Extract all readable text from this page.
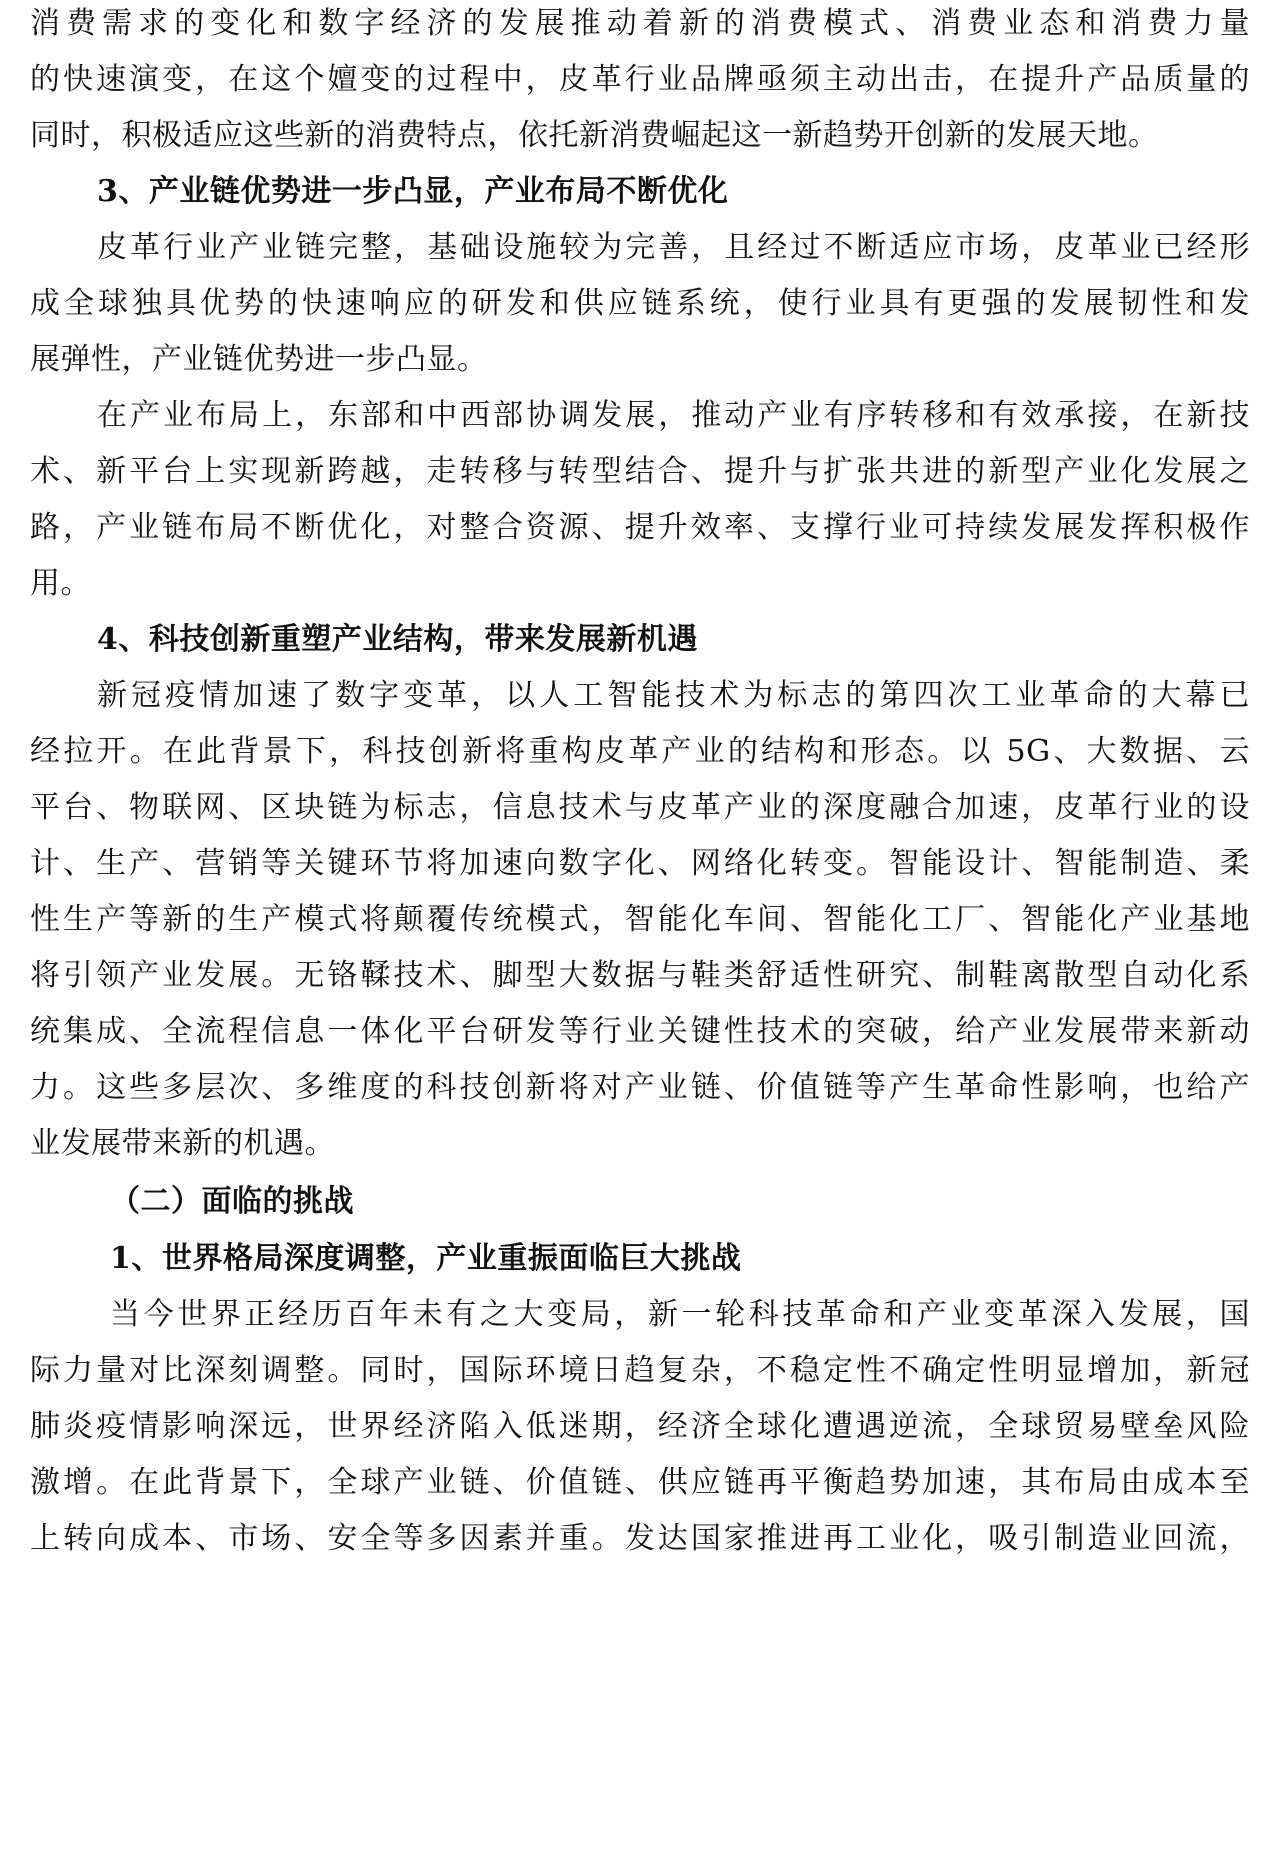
消费需求的变化和数字经济的发展推动着新的消费模式、消费业态和消费力量
的快速演变，在这个嬗变的过程中，皮革行业品牌亟须主动出击，在提升产品质量的
同时，积极适应这些新的消费特点，依托新消费崛起这一新趋势开创新的发展天地。
3、产业链优势进一步凸显，产业布局不断优化
皮革行业产业链完整，基础设施较为完善，且经过不断适应市场，皮革业已经形
成全球独具优势的快速响应的研发和供应链系统，使行业具有更强的发展韧性和发
展弹性，产业链优势进一步凸显。
在产业布局上，东部和中西部协调发展，推动产业有序转移和有效承接，在新技
术、新平台上实现新跨越，走转移与转型结合、提升与扩张共进的新型产业化发展之
路，产业链布局不断优化，对整合资源、提升效率、支撑行业可持续发展发挥积极作
用。
4、科技创新重塑产业结构，带来发展新机遇
新冠疫情加速了数字变革，以人工智能技术为标志的第四次工业革命的大幕已
经拉开。在此背景下，科技创新将重构皮革产业的结构和形态。以 5G、大数据、云
平台、物联网、区块链为标志，信息技术与皮革产业的深度融合加速，皮革行业的设
计、生产、营销等关键环节将加速向数字化、网络化转变。智能设计、智能制造、柔
性生产等新的生产模式将颠覆传统模式，智能化车间、智能化工厂、智能化产业基地
将引领产业发展。无铬鞣技术、脚型大数据与鞋类舒适性研究、制鞋离散型自动化系
统集成、全流程信息一体化平台研发等行业关键性技术的突破，给产业发展带来新动
力。这些多层次、多维度的科技创新将对产业链、价值链等产生革命性影响，也给产
业发展带来新的机遇。
（二）面临的挑战
1、世界格局深度调整，产业重振面临巨大挑战
当今世界正经历百年未有之大变局，新一轮科技革命和产业变革深入发展，国
际力量对比深刻调整。同时，国际环境日趋复杂，不稳定性不确定性明显增加，新冠
肺炎疫情影响深远，世界经济陷入低迷期，经济全球化遭遇逆流，全球贸易壁垒风险
激增。在此背景下，全球产业链、价值链、供应链再平衡趋势加速，其布局由成本至
上转向成本、市场、安全等多因素并重。发达国家推进再工业化，吸引制造业回流，
